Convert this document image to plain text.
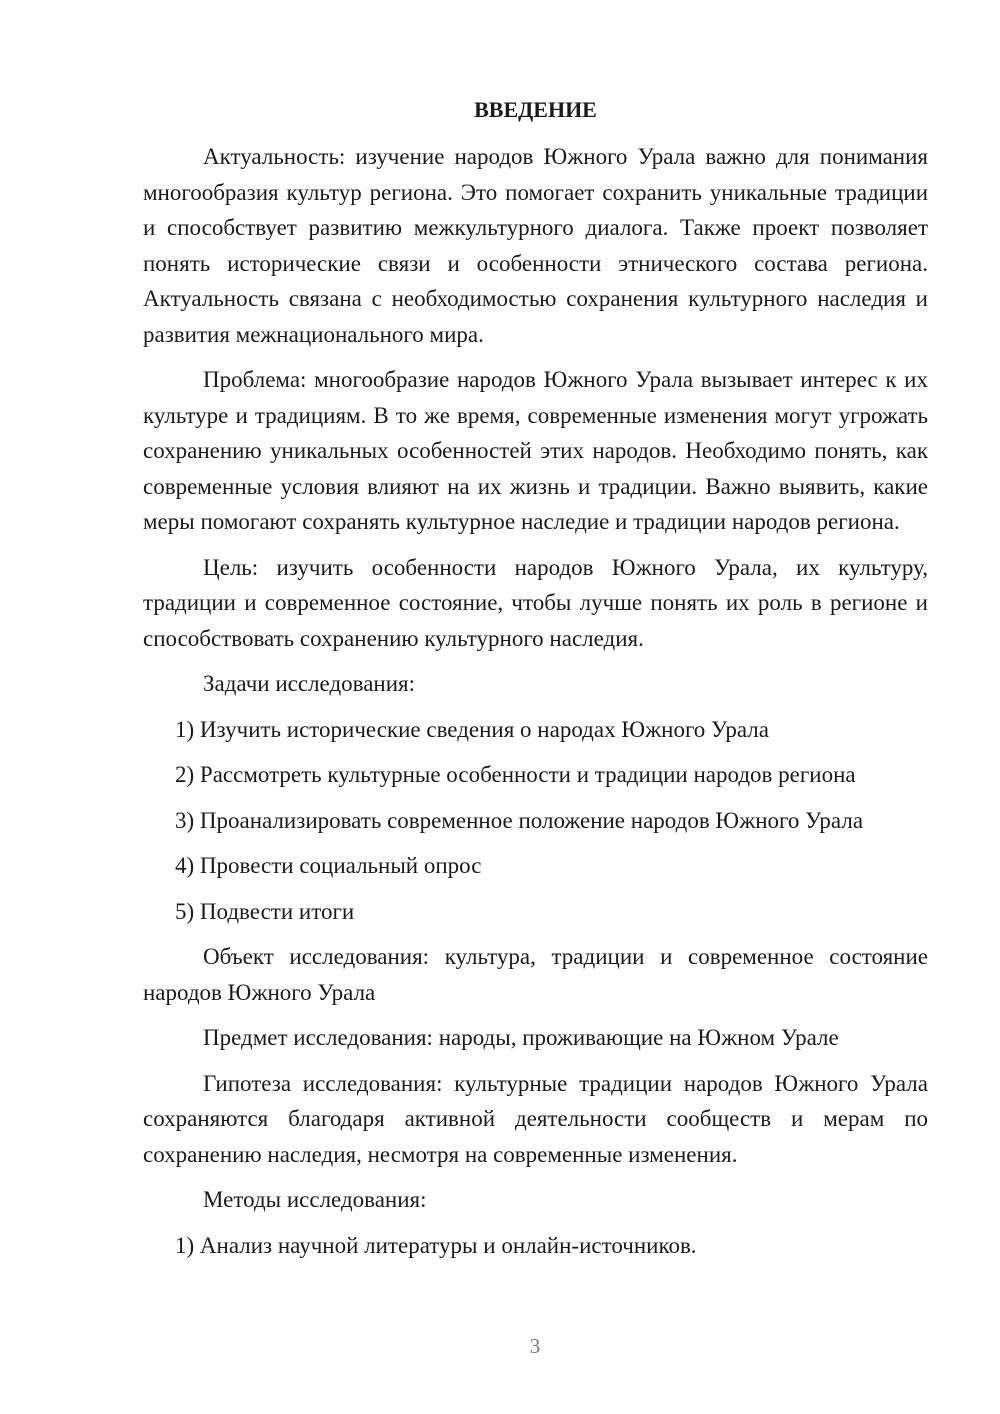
ВВЕДЕНИЕ

Актуальность: изучение народов Южного Урала важно для понимания многообразия культур региона. Это помогает сохранить уникальные традиции и способствует развитию межкультурного диалога. Также проект позволяет понять исторические связи и особенности этнического состава региона. Актуальность связана с необходимостью сохранения культурного наследия и развития межнационального мира.

Проблема: многообразие народов Южного Урала вызывает интерес к их культуре и традициям. В то же время, современные изменения могут угрожать сохранению уникальных особенностей этих народов. Необходимо понять, как современные условия влияют на их жизнь и традиции. Важно выявить, какие меры помогают сохранять культурное наследие и традиции народов региона.

Цель: изучить особенности народов Южного Урала, их культуру, традиции и современное состояние, чтобы лучше понять их роль в регионе и способствовать сохранению культурного наследия.

Задачи исследования:

1) Изучить исторические сведения о народах Южного Урала

2) Рассмотреть культурные особенности и традиции народов региона

3) Проанализировать современное положение народов Южного Урала

4) Провести социальный опрос

5) Подвести итоги

Объект исследования: культура, традиции и современное состояние народов Южного Урала

Предмет исследования: народы, проживающие на Южном Урале

Гипотеза исследования: культурные традиции народов Южного Урала сохраняются благодаря активной деятельности сообществ и мерам по сохранению наследия, несмотря на современные изменения.

Методы исследования:

1) Анализ научной литературы и онлайн-источников.

3
